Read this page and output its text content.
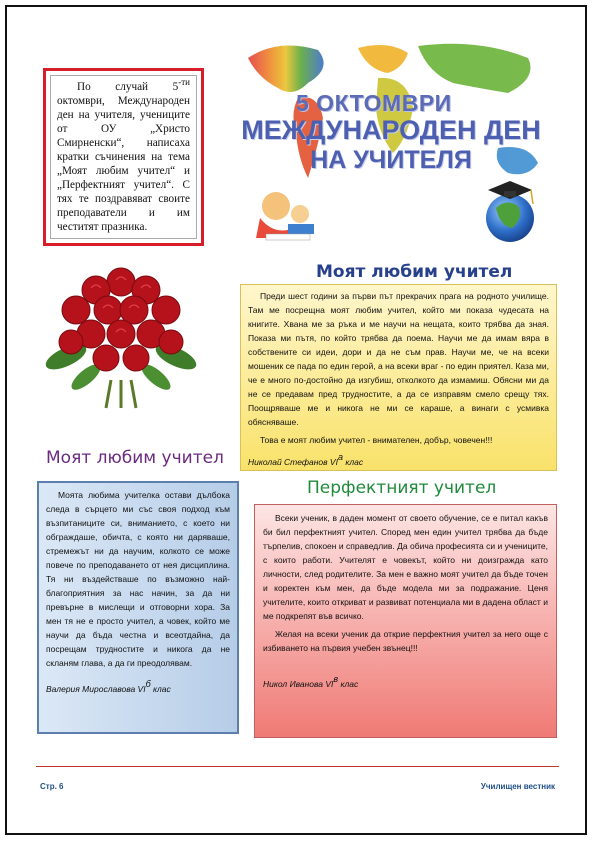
По случай $5^{-ти}$ октомври, Международен ден на учителя, учениците от ОУ „Христо Смирненски“, написаха кратки съчинения на тема „Моят любим учител“ и „Перфектният учител“. С тях те поздравяват своите преподаватели и им честитят празника.

5 ОКТОМВРИ
МЕЖДУНАРОДЕН ДЕН
НА УЧИТЕЛЯ
Моят любим учител
Моят любим учител
Перфектният учител

Преди шест години за първи път прекрачих прага на родното училище. Там ме посрещна моят любим учител, който ми показа чудесата на книгите. Хвана ме за ръка и ме научи на нещата, които трябва да зная. Показа ми пътя, по който трябва да поема. Научи ме да имам вяра в собствените си идеи, дори и да не съм прав. Научи ме, че на всеки мошеник се пада по един герой, а на всеки враг - по един приятел. Каза ми, че е много по-достойно да изгубиш, отколкото да измамиш. Обясни ми да не се предавам пред трудностите, а да се изправям смело срещу тях. Поощряваше ме и никога не ми се караше, а винаги с усмивка обясняваше.

Това е моят любим учител - внимателен, добър, човечен!!!

Николай Стефанов VIа клас

Моята любима учителка остави дълбока следа в сърцето ми със своя подход към възпитаниците си, вниманието, с което ни обграждаше, обичта, с която ни даряваше, стремежът ни да научим, колкото се може повече по преподаването от нея дисциплина. Тя ни въздействаше по възможно най-благоприятния за нас начин, за да ни превърне в мислещи и отговорни хора. За мен тя не е просто учител, а човек, който ме научи да бъда честна и всеотдайна, да посрещам трудностите и никога да не скланям глава, а да ги преодолявам.

Валерия Мирославова VIб клас

Всеки ученик, в даден момент от своето обучение, се е питал какъв би бил перфектният учител. Според мен един учител трябва да бъде търпелив, спокоен и справедлив. Да обича професията си и учениците, с които работи. Учителят е човекът, който ни доизгражда като личности, след родителите. За мен е важно моят учител да бъде точен и коректен към мен, да бъде модела ми за подражание. Ценя учителите, които откриват и развиват потенциала ми в дадена област и ме подкрепят във всичко.

Желая на всеки ученик да открие перфектния учител за него още с избиването на първия учебен звънец!!!

Никол Иванова VIв клас
Стр. 6	Училищен вестник
